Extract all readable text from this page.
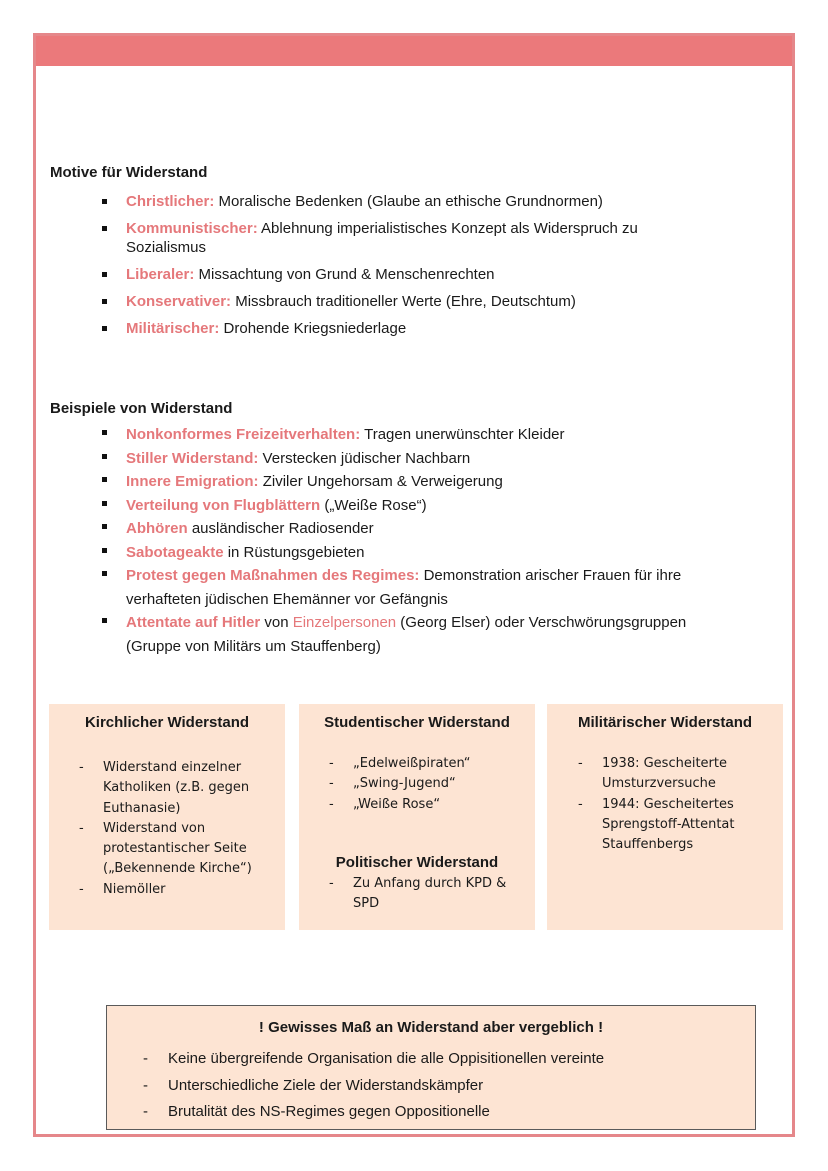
Motive für Widerstand
Christlicher: Moralische Bedenken (Glaube an ethische Grundnormen)
Kommunistischer: Ablehnung imperialistisches Konzept als Widerspruch zu Sozialismus
Liberaler: Missachtung von Grund & Menschenrechten
Konservativer: Missbrauch traditioneller Werte (Ehre, Deutschtum)
Militärischer: Drohende Kriegsniederlage
Beispiele von Widerstand
Nonkonformes Freizeitverhalten: Tragen unerwünschter Kleider
Stiller Widerstand: Verstecken jüdischer Nachbarn
Innere Emigration: Ziviler Ungehorsam & Verweigerung
Verteilung von Flugblättern („Weiße Rose“)
Abhören ausländischer Radiosender
Sabotageakte in Rüstungsgebieten
Protest gegen Maßnahmen des Regimes: Demonstration arischer Frauen für ihre verhafteten jüdischen Ehemänner vor Gefängnis
Attentate auf Hitler von Einzelpersonen (Georg Elser) oder Verschwörungsgruppen (Gruppe von Militärs um Stauffenberg)
Kirchlicher Widerstand
- Widerstand einzelner Katholiken (z.B. gegen Euthanasie)
- Widerstand von protestantischer Seite („Bekennende Kirche“)
- Niemöller
Studentischer Widerstand
- „Edelweißpiraten“
- „Swing-Jugend“
- „Weiße Rose“
Politischer Widerstand
- Zu Anfang durch KPD & SPD
Militärischer Widerstand
- 1938: Gescheiterte Umsturzversuche
- 1944: Gescheitertes Sprengstoff-Attentat Stauffenbergs
! Gewisses Maß an Widerstand aber vergeblich !
- Keine übergreifende Organisation die alle Oppisitionellen vereinte
- Unterschiedliche Ziele der Widerstandskämpfer
- Brutalität des NS-Regimes gegen Oppositionelle
